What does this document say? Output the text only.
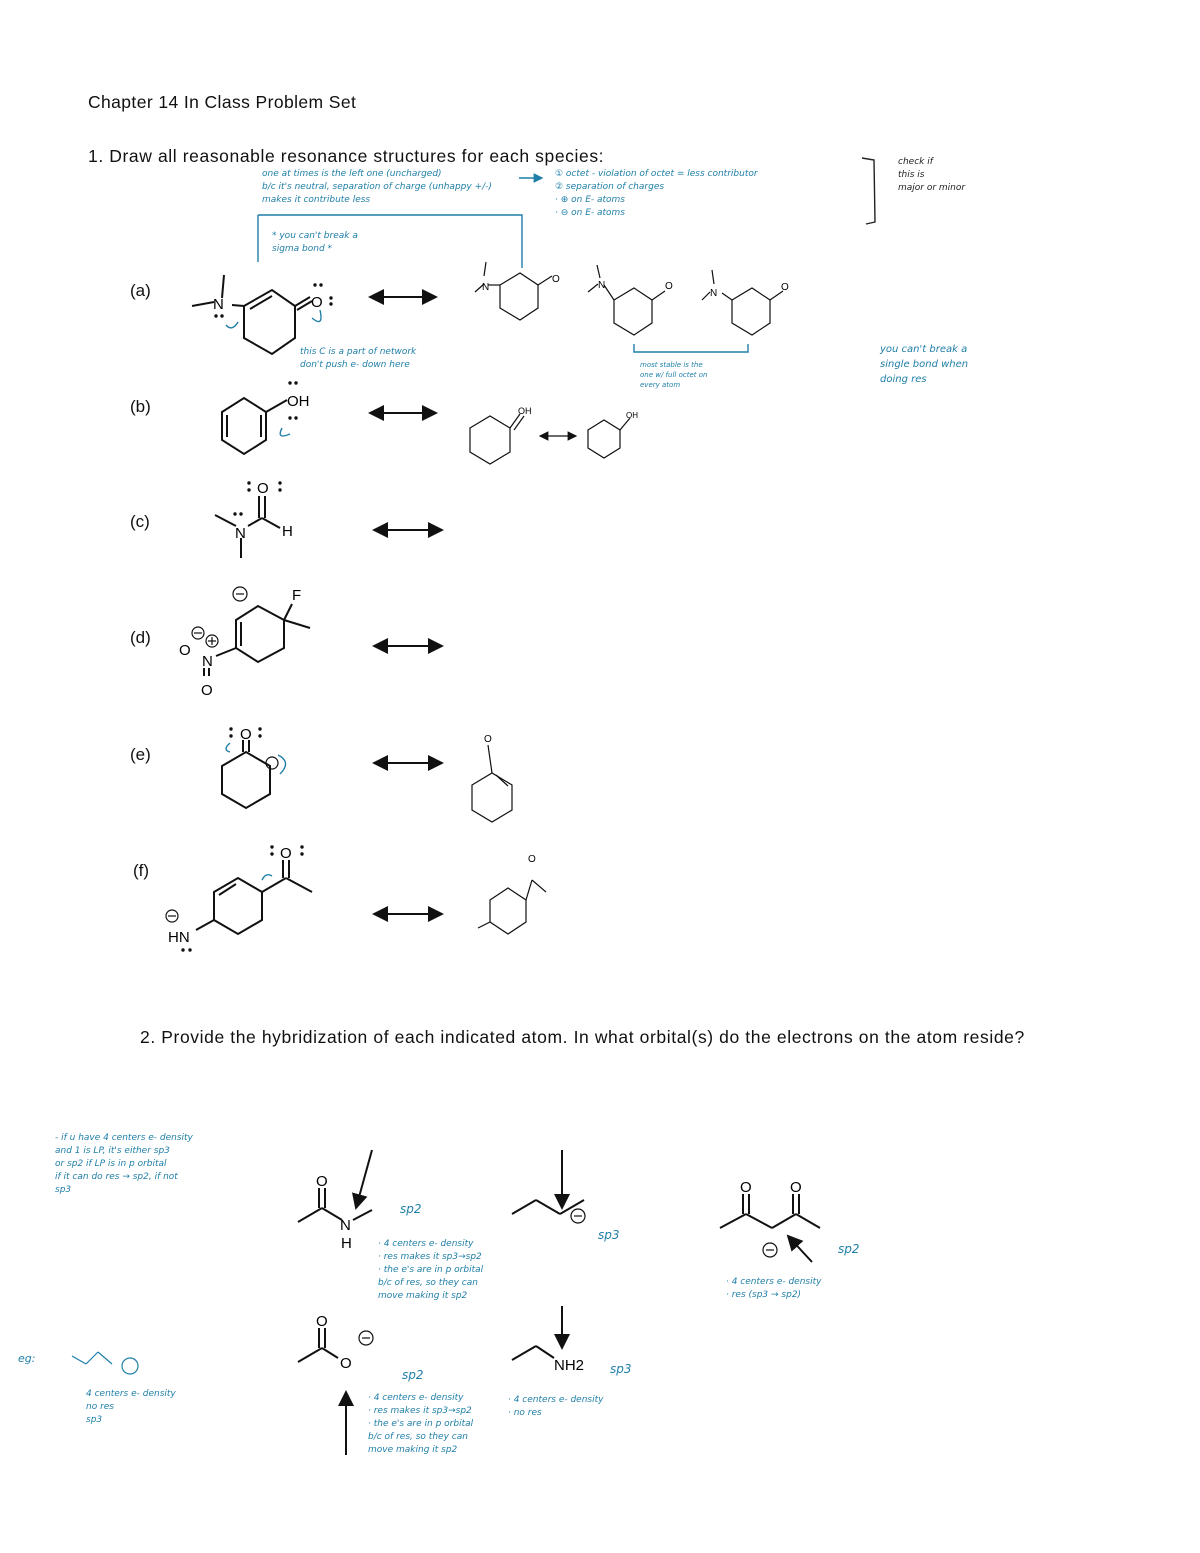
Chapter 14 In Class Problem Set
1. Draw all reasonable resonance structures for each species:
2. Provide the hybridization of each indicated atom. In what orbital(s) do the electrons on the atom reside?
(a)
(b)
(c)
(d)
(e)
(f)
one at times is the left one (uncharged)
b/c it's neutral, separation of charge (unhappy +/-)
makes it contribute less
① octet - violation of octet = less contributor
② separation of charges
· ⊕ on E- atoms
· ⊖ on E- atoms
check if
this is
major or minor
* you can't break a
sigma bond *
this C is a part of network
don't push e- down here	most stable is the
one w/ full octet on
every atom
you can't break a
single bond when
doing res
- if u have 4 centers e- density
and 1 is LP, it's either sp3
or sp2 if LP is in p orbital
if it can do res → sp2, if not
sp3
eg:
4 centers e- density
no res
sp3
· 4 centers e- density
· res makes it sp3→sp2
· the e's are in p orbital
b/c of res, so they can
move making it sp2
· 4 centers e- density
· res makes it sp3→sp2
· the e's are in p orbital
b/c of res, so they can
move making it sp2
· 4 centers e- density
· no res
· 4 centers e- density
· res (sp3 → sp2)
sp2
sp3
sp2
sp2	sp3
N	O
N
O
N	O
N
O
OH
OH	OH
N
O
H
F
N
O
O
O	O
O
HN
O
O
N
H
O	O
O
O	NH2
